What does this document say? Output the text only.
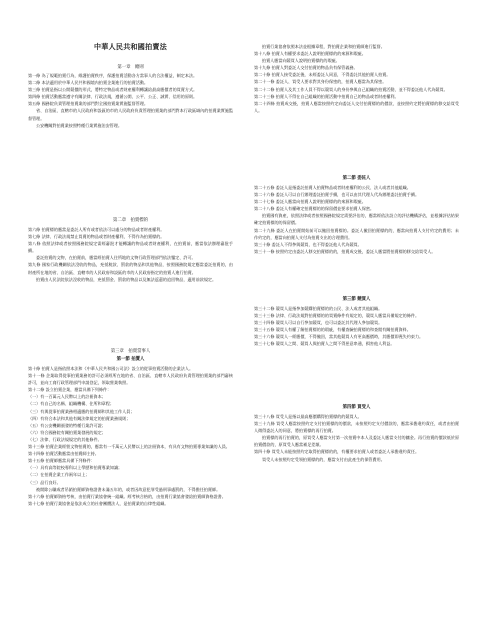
中華人民共和國拍賣法
第一章　總則

第一條 為了規範拍賣行為，維護拍賣秩序，保護拍賣活動各方當事人的合法權益，制定本法。

第二條 本法適用於中華人民共和國境內拍賣企業進行的拍賣活動。

第三條 拍賣是指以公開競價的形式，將特定物品或者財產權利轉讓給最高應價者的買賣方式。

第四條 拍賣活動應當遵守有關法律、行政法規，遵循公開、公平、公正、誠實、信用的原則。

第五條 國務院負責管理拍賣業的部門對全國拍賣業實施監督管理。

省、自治區、直轄市的人民政府和設區的市的人民政府負責管理拍賣業的部門對本行政區域內的拍賣業實施監督管理。

公安機關對拍賣業按照特種行業實施治安管理。

第二章　拍賣標的

第六條 拍賣標的應當是委託人所有或者依法可以處分的物品或者財產權利。

第七條 法律、行政法規禁止買賣的物品或者財產權利，不得作為拍賣標的。

第八條 依照法律或者按照國務院規定需經審批才能轉讓的物品或者財產權利，在拍賣前，應當依法辦理審批手續。

委託拍賣的文物，在拍賣前，應當經拍賣人住所地的文物行政管理部門依法鑒定、許可。

第九條 國家行政機關依法沒收的物品，充抵稅款、罰款的物品和其他物品，按照國務院規定應當委託拍賣的，由財產所在地的省、自治區、直轄市的人民政府和設區的市的人民政府指定的拍賣人進行拍賣。

拍賣由人民法院依法沒收的物品，充抵罰金、罰款的物品以及無法返還的追回物品，適用前款規定。

第三章　拍賣當事人
第一節 拍賣人

第十條 拍賣人是指依照本法和《中華人民共和國公司法》設立的從事拍賣活動的企業法人。

第十一條 企業取得從事拍賣業務的許可必須經所在地的省、自治區、直轄市人民政府負責管理拍賣業的部門審核許可，並向工商行政管理部門申請登記，領取營業執照。

第十二條 設立拍賣企業，應當具備下列條件：

（一）有一百萬元人民幣以上的註冊資本；

（二）有自己的名稱、組織機構、住所和章程；

（三）有與從事拍賣業務相適應的拍賣師和其他工作人員；

（四）有符合本法和其他有關法律規定的拍賣業務規則；

（五）有公安機關頒發的特種行業許可證；

（六）符合國務院有關拍賣業發展的規定；

（七）法律、行政法規規定的其他條件。

第十三條 拍賣企業經營文物拍賣的，應當有一千萬元人民幣以上的註冊資本，有具有文物拍賣專業知識的人員。

第十四條 拍賣活動應當由拍賣師主持。

第十五條 拍賣師應當具備下列條件：

（一）具有高等院校專科以上學歷和拍賣專業知識；

（二）在拍賣企業工作兩年以上；

（三）品行良好。

被開除公職或者吊銷拍賣師資格證書未滿五年的，或者因故意犯罪受過刑事處罰的，不得擔任拍賣師。

第十六條 拍賣師資格考核，由拍賣行業協會統一組織。經考核合格的，由拍賣行業協會發給拍賣師資格證書。

第十七條 拍賣行業協會是依法成立的社會團體法人，是拍賣業的自律性組織。

拍賣行業協會依照本法並根據章程，對拍賣企業和拍賣師進行監督。

第十八條 拍賣人有權要求委託人說明拍賣標的的來源和瑕疵。

拍賣人應當向競買人說明拍賣標的的瑕疵。

第十九條 拍賣人對委託人交付拍賣的物品負有保管義務。

第二十條 拍賣人接受委託後，未經委託人同意，不得委託其他拍賣人拍賣。

第二十一條 委託人、買受人要求對其身份保密的，拍賣人應當為其保密。

第二十二條 拍賣人及其工作人員不得以競買人的身份參與自己組織的拍賣活動，並不得委託他人代為競買。

第二十三條 拍賣人不得在自己組織的拍賣活動中拍賣自己的物品或者財產權利。

第二十四條 拍賣成交後，拍賣人應當按照約定向委託人交付拍賣標的的價款，並按照約定將拍賣標的移交給買受人。

第二節 委託人

第二十五條 委託人是指委託拍賣人拍賣物品或者財產權利的公民、法人或者其他組織。

第二十六條 委託人可以自行辦理委託拍賣手續，也可以由其代理人代為辦理委託拍賣手續。

第二十七條 委託人應當向拍賣人說明拍賣標的的來源和瑕疵。

第二十八條 委託人有權確定拍賣標的的保留價並要求拍賣人保密。

拍賣國有資產，依照法律或者按照國務院規定需要評估的，應當經依法設立的評估機構評估，並根據評估結果確定拍賣標的的保留價。

第二十九條 委託人在拍賣開始前可以撤回拍賣標的。委託人撤回拍賣標的的，應當向拍賣人支付約定的費用；未作約定的，應當向拍賣人支付為拍賣支出的合理費用。

第三十條 委託人不得參與競買，也不得委託他人代為競買。

第三十一條 按照約定由委託人移交拍賣標的的，拍賣成交後，委託人應當將拍賣標的移交給買受人。

第三節 競買人

第三十二條 競買人是指參加競購拍賣標的的公民、法人或者其他組織。

第三十三條 法律、行政法規對拍賣標的的買賣條件有規定的，競買人應當具備規定的條件。

第三十四條 競買人可以自行參加競買，也可以委託其代理人參加競買。

第三十五條 競買人有權了解拍賣標的的瑕疵，有權查驗拍賣標的和查閱有關拍賣資料。

第三十六條 競買人一經應價，不得撤回，當其他競買人有更高應價時，其應價即喪失約束力。

第三十七條 競買人之間、競買人與拍賣人之間不得惡意串通，損害他人利益。

第四節 買受人

第三十八條 買受人是指以最高應價購得拍賣標的的競買人。

第三十九條 買受人應當按照約定支付拍賣標的的價款，未按照約定支付價款的，應當承擔違約責任，或者由拍賣人徵得委託人的同意，將拍賣標的再行拍賣。

拍賣標的再行拍賣的，原買受人應當支付第一次拍賣中本人及委託人應當支付的傭金。再行拍賣的價款低於原拍賣價款的，原買受人應當補足差額。

第四十條 買受人未能按照約定取得拍賣標的的，有權要求拍賣人或者委託人承擔違約責任。

買受人未按照約定受領拍賣標的的，應當支付由此產生的保管費用。
